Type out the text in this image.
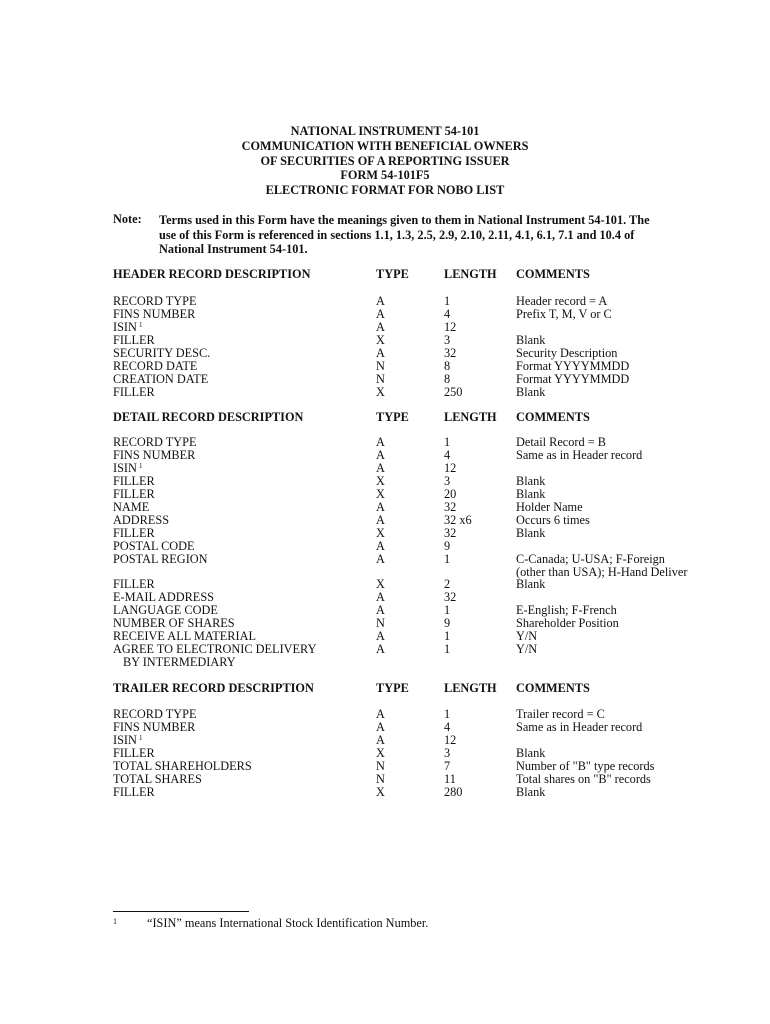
NATIONAL INSTRUMENT 54-101
COMMUNICATION WITH BENEFICIAL OWNERS
OF SECURITIES OF A REPORTING ISSUER
FORM 54-101F5
ELECTRONIC FORMAT FOR NOBO LIST
Note: Terms used in this Form have the meanings given to them in National Instrument 54-101. The use of this Form is referenced in sections 1.1, 1.3, 2.5, 2.9, 2.10, 2.11, 4.1, 6.1, 7.1 and 10.4 of National Instrument 54-101.
HEADER RECORD DESCRIPTION	TYPE	LENGTH COMMENTS
RECORD TYPE	A	1	Header record = A
FINS NUMBER	A	4	Prefix T, M, V or C
ISIN 1	A	12
FILLER	X	3	Blank
SECURITY DESC.	A	32	Security Description
RECORD DATE	N	8	Format YYYYMMDD
CREATION DATE	N	8	Format YYYYMMDD
FILLER	X	250	Blank
DETAIL RECORD DESCRIPTION	TYPE	LENGTH COMMENTS
RECORD TYPE	A	1	Detail Record = B
FINS NUMBER	A	4	Same as in Header record
ISIN 1	A	12
FILLER	X	3	Blank
FILLER	X	20	Blank
NAME	A	32	Holder Name
ADDRESS	A	32 x6	Occurs 6 times
FILLER	X	32	Blank
POSTAL CODE	A	9
POSTAL REGION	A	1	C-Canada; U-USA; F-Foreign
(other than USA); H-Hand Deliver
FILLER	X	2	Blank
E-MAIL ADDRESS	A	32
LANGUAGE CODE	A	1	E-English; F-French
NUMBER OF SHARES	N	9	Shareholder Position
RECEIVE ALL MATERIAL	A	1	Y/N
AGREE TO ELECTRONIC DELIVERY	A	1	Y/N
BY INTERMEDIARY
TRAILER RECORD DESCRIPTION	TYPE	LENGTH COMMENTS
RECORD TYPE	A	1	Trailer record = C
FINS NUMBER	A	4	Same as in Header record
ISIN 1	A	12
FILLER	X	3	Blank
TOTAL SHAREHOLDERS	N	7	Number of "B" type records
TOTAL SHARES	N	11	Total shares on "B" records
FILLER	X	280	Blank
1 “ISIN” means International Stock Identification Number.
